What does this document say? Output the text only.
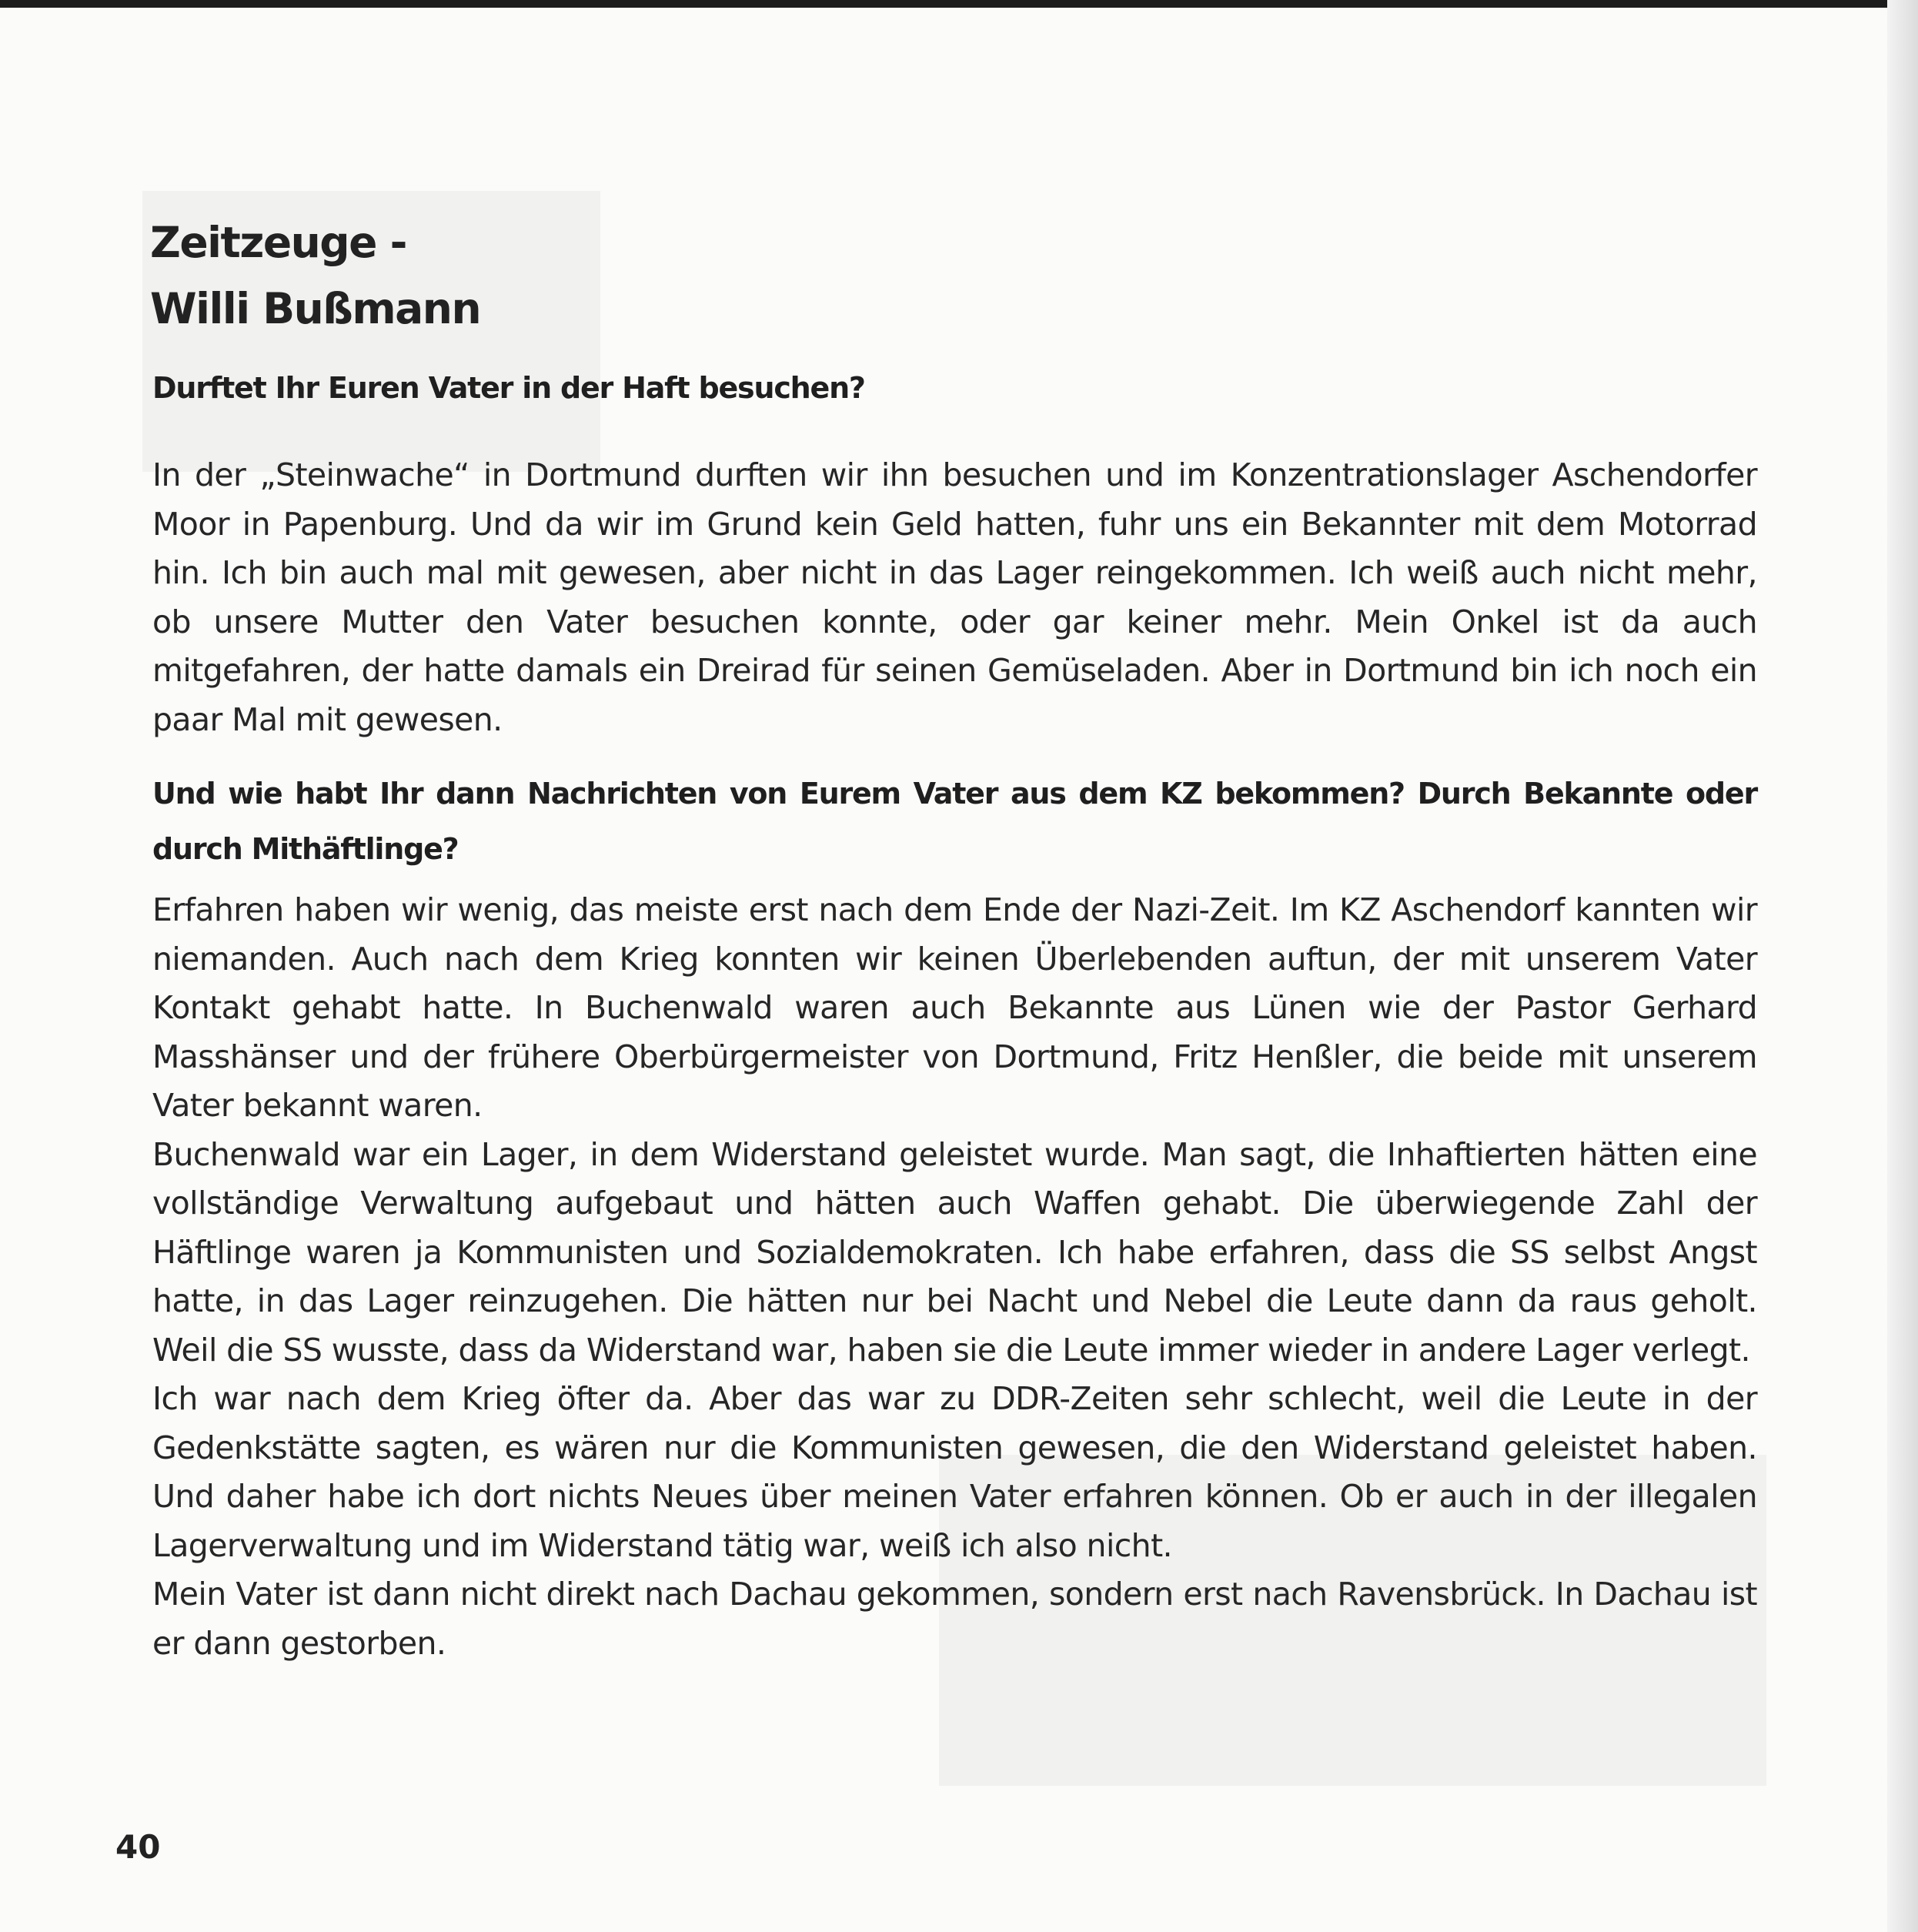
Zeitzeuge -
Willi Bußmann

Durftet Ihr Euren Vater in der Haft besuchen?

In der „Steinwache“ in Dortmund durften wir ihn besuchen und im Konzentrationslager Aschendorfer Moor in Papenburg. Und da wir im Grund kein Geld hatten, fuhr uns ein Bekannter mit dem Motorrad hin. Ich bin auch mal mit gewesen, aber nicht in das Lager reingekommen. Ich weiß auch nicht mehr, ob unsere Mutter den Vater besuchen konnte, oder gar keiner mehr. Mein Onkel ist da auch mitgefahren, der hatte damals ein Dreirad für seinen Gemüseladen. Aber in Dortmund bin ich noch ein paar Mal mit gewesen.

Und wie habt Ihr dann Nachrichten von Eurem Vater aus dem KZ bekommen? Durch Bekannte oder durch Mithäftlinge?

Erfahren haben wir wenig, das meiste erst nach dem Ende der Nazi-Zeit. Im KZ Aschendorf kannten wir niemanden. Auch nach dem Krieg konnten wir keinen Überlebenden auftun, der mit unserem Vater Kontakt gehabt hatte. In Buchenwald waren auch Bekannte aus Lünen wie der Pastor Gerhard Masshänser und der frühere Oberbürgermeister von Dortmund, Fritz Henßler, die beide mit unserem Vater bekannt waren.

Buchenwald war ein Lager, in dem Widerstand geleistet wurde. Man sagt, die Inhaftierten hätten eine vollständige Verwaltung aufgebaut und hätten auch Waffen gehabt. Die überwiegende Zahl der Häftlinge waren ja Kommunisten und Sozialdemokraten. Ich habe erfahren, dass die SS selbst Angst hatte, in das Lager reinzugehen. Die hätten nur bei Nacht und Nebel die Leute dann da raus geholt. Weil die SS wusste, dass da Widerstand war, haben sie die Leute immer wieder in andere Lager verlegt.

Ich war nach dem Krieg öfter da. Aber das war zu DDR-Zeiten sehr schlecht, weil die Leute in der Gedenkstätte sagten, es wären nur die Kommunisten gewesen, die den Widerstand geleistet haben. Und daher habe ich dort nichts Neues über meinen Vater erfahren können. Ob er auch in der illegalen Lagerverwaltung und im Widerstand tätig war, weiß ich also nicht.

Mein Vater ist dann nicht direkt nach Dachau gekommen, sondern erst nach Ravensbrück. In Dachau ist er dann gestorben.

40
